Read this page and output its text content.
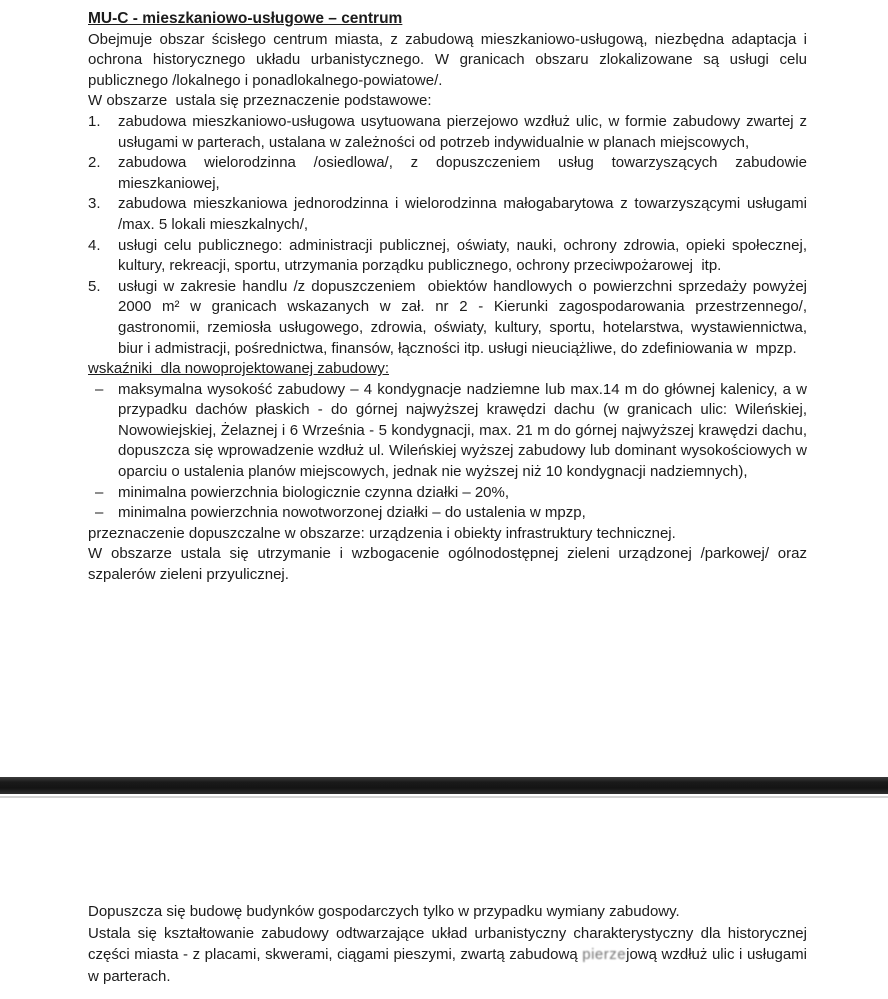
MU-C - mieszkaniowo-usługowe – centrum
Obejmuje obszar ścisłego centrum miasta, z zabudową mieszkaniowo-usługową, niezbędna adaptacja i ochrona historycznego układu urbanistycznego. W granicach obszaru zlokalizowane są usługi celu publicznego /lokalnego i ponadlokalnego-powiatowe/.
W obszarze  ustala się przeznaczenie podstawowe:
1.	zabudowa mieszkaniowo-usługowa usytuowana pierzejowo wzdłuż ulic, w formie zabudowy zwartej z usługami w parterach, ustalana w zależności od potrzeb indywidualnie w planach miejscowych,
2.	zabudowa wielorodzinna /osiedlowa/, z dopuszczeniem usług towarzyszących zabudowie mieszkaniowej,
3.	zabudowa mieszkaniowa jednorodzinna i wielorodzinna małogabarytowa z towarzyszącymi usługami /max. 5 lokali mieszkalnych/,
4.	usługi celu publicznego: administracji publicznej, oświaty, nauki, ochrony zdrowia, opieki społecznej, kultury, rekreacji, sportu, utrzymania porządku publicznego, ochrony przeciwpożarowej  itp.
5.	usługi w zakresie handlu /z dopuszczeniem  obiektów handlowych o powierzchni sprzedaży powyżej 2000 m² w granicach wskazanych w zał. nr 2 - Kierunki zagospodarowania przestrzennego/, gastronomii, rzemiosła usługowego, zdrowia, oświaty, kultury, sportu, hotelarstwa, wystawiennictwa, biur i admistracji, pośrednictwa, finansów, łączności itp. usługi nieuciążliwe, do zdefiniowania w  mpzp.
wskaźniki  dla nowoprojektowanej zabudowy:
– maksymalna wysokość zabudowy – 4 kondygnacje nadziemne lub max.14 m do głównej kalenicy, a w przypadku dachów płaskich - do górnej najwyższej krawędzi dachu (w granicach ulic: Wileńskiej, Nowowiejskiej, Żelaznej i 6 Września - 5 kondygnacji, max. 21 m do górnej najwyższej krawędzi dachu, dopuszcza się wprowadzenie wzdłuż ul. Wileńskiej wyższej zabudowy lub dominant wysokościowych w oparciu o ustalenia planów miejscowych, jednak nie wyższej niż 10 kondygnacji nadziemnych),
– minimalna powierzchnia biologicznie czynna działki – 20%,
– minimalna powierzchnia nowotworzonej działki – do ustalenia w mpzp,
przeznaczenie dopuszczalne w obszarze: urządzenia i obiekty infrastruktury technicznej.
W obszarze ustala się utrzymanie i wzbogacenie ogólnodostępnej zieleni urządzonej /parkowej/ oraz szpalerów zieleni przyulicznej.
Dopuszcza się budowę budynków gospodarczych tylko w przypadku wymiany zabudowy.
Ustala się kształtowanie zabudowy odtwarzające układ urbanistyczny charakterystyczny dla historycznej części miasta - z placami, skwerami, ciągami pieszymi, zwartą zabudową pierzejową wzdłuż ulic i usługami w parterach.
